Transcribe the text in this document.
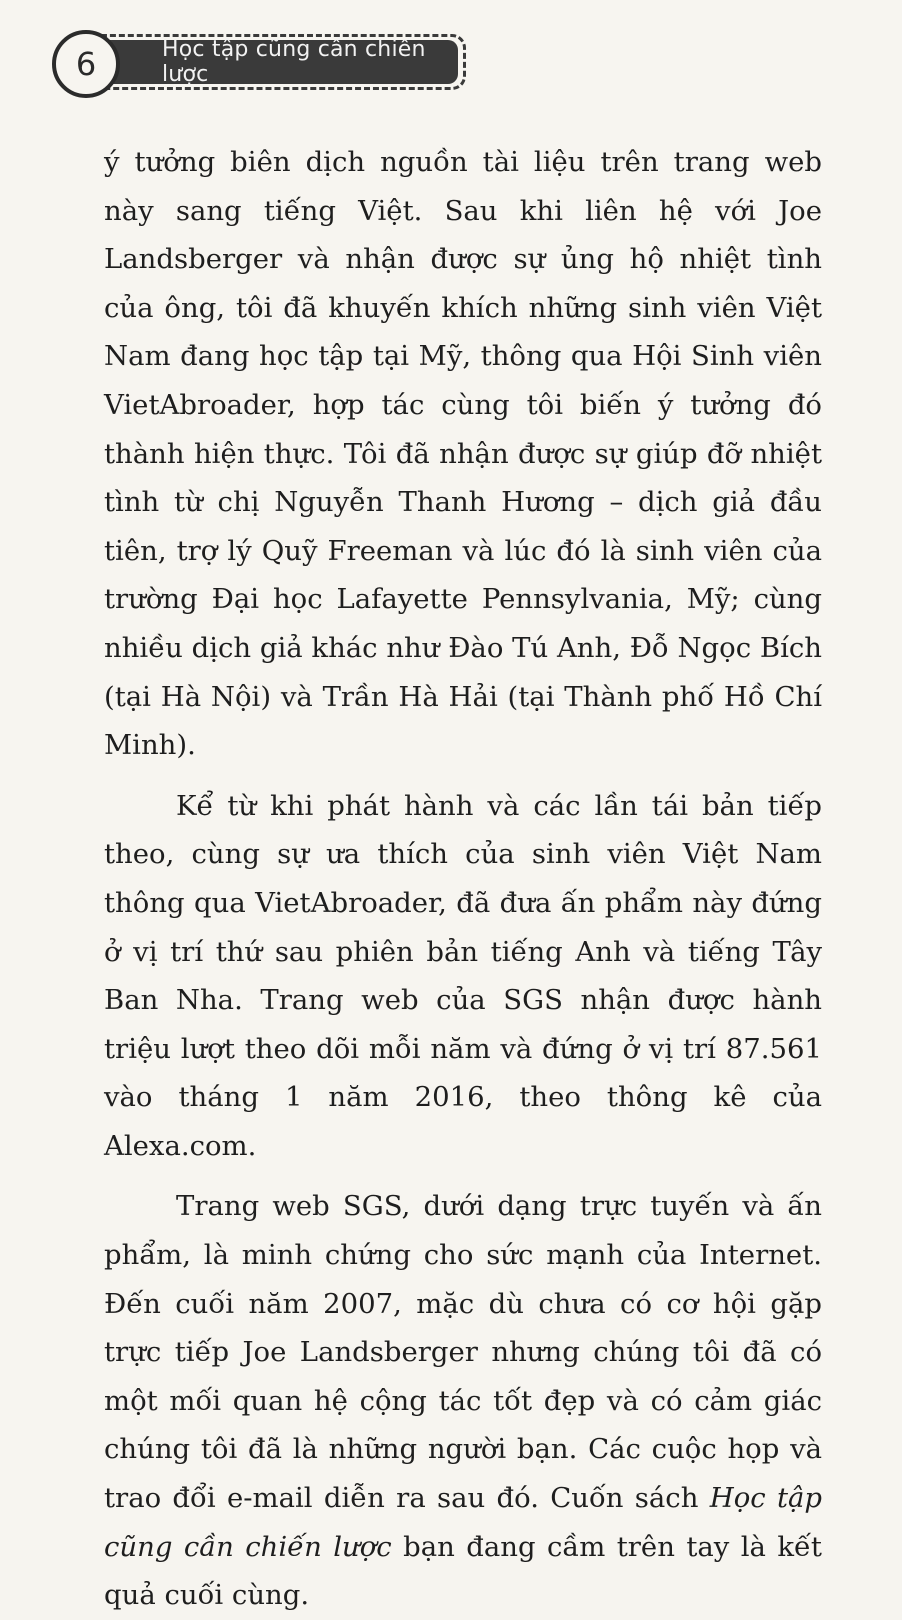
Học tập cũng cần chiến lược
6

ý tưởng biên dịch nguồn tài liệu trên trang web này sang tiếng Việt. Sau khi liên hệ với Joe Landsberger và nhận được sự ủng hộ nhiệt tình của ông, tôi đã khuyến khích những sinh viên Việt Nam đang học tập tại Mỹ, thông qua Hội Sinh viên VietAbroader, hợp tác cùng tôi biến ý tưởng đó thành hiện thực. Tôi đã nhận được sự giúp đỡ nhiệt tình từ chị Nguyễn Thanh Hương – dịch giả đầu tiên, trợ lý Quỹ Freeman và lúc đó là sinh viên của trường Đại học Lafayette Pennsylvania, Mỹ; cùng nhiều dịch giả khác như Đào Tú Anh, Đỗ Ngọc Bích (tại Hà Nội) và Trần Hà Hải (tại Thành phố Hồ Chí Minh).

Kể từ khi phát hành và các lần tái bản tiếp theo, cùng sự ưa thích của sinh viên Việt Nam thông qua VietAbroader, đã đưa ấn phẩm này đứng ở vị trí thứ sau phiên bản tiếng Anh và tiếng Tây Ban Nha. Trang web của SGS nhận được hành triệu lượt theo dõi mỗi năm và đứng ở vị trí 87.561 vào tháng 1 năm 2016, theo thông kê của Alexa.com.

Trang web SGS, dưới dạng trực tuyến và ấn phẩm, là minh chứng cho sức mạnh của Internet. Đến cuối năm 2007, mặc dù chưa có cơ hội gặp trực tiếp Joe Landsberger nhưng chúng tôi đã có một mối quan hệ cộng tác tốt đẹp và có cảm giác chúng tôi đã là những người bạn. Các cuộc họp và trao đổi e-mail diễn ra sau đó. Cuốn sách Học tập cũng cần chiến lược bạn đang cầm trên tay là kết quả cuối cùng.
